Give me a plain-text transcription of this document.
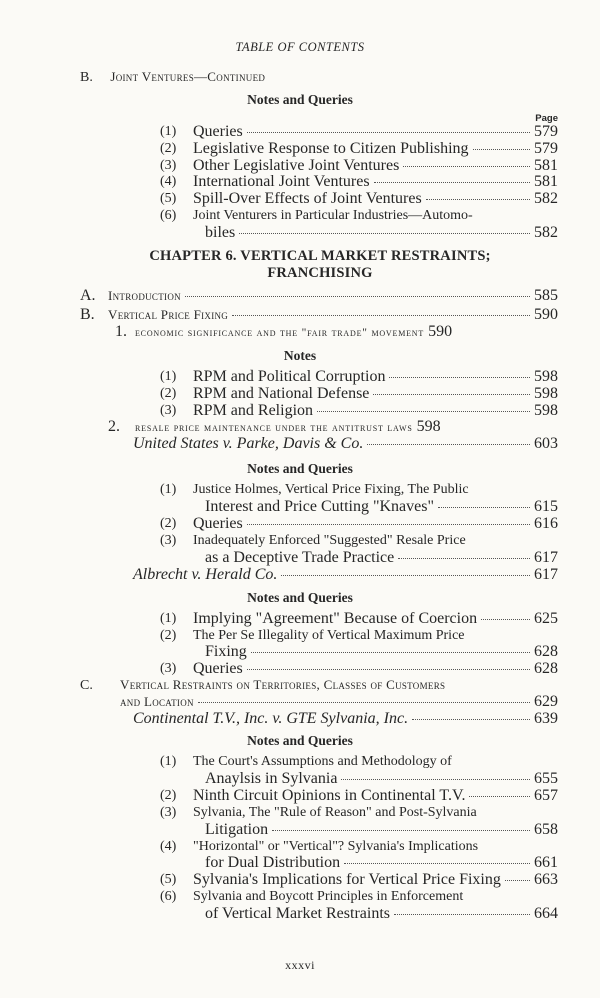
TABLE OF CONTENTS
B. Joint Ventures—Continued
Notes and Queries
Page
(1) Queries	579
(2) Legislative Response to Citizen Publishing	579
(3) Other Legislative Joint Ventures	581
(4) International Joint Ventures	581
(5) Spill-Over Effects of Joint Ventures	582
(6) Joint Venturers in Particular Industries—Automo-
biles	582
CHAPTER 6. VERTICAL MARKET RESTRAINTS;
FRANCHISING
A. Introduction	585
B.	Vertical Price Fixing	590
1. economic significance and the "fair trade" movement 590
Notes
(1) RPM and Political Corruption	598
(2) RPM and National Defense	598
(3) RPM and Religion	598
2.	resale price maintenance under the antitrust laws 598
United States v. Parke, Davis & Co.	603
Notes and Queries
(1) Justice Holmes, Vertical Price Fixing, The Public
Interest and Price Cutting "Knaves"	615
(2) Queries	616
(3) Inadequately Enforced "Suggested" Resale Price
as a Deceptive Trade Practice	617
Albrecht v. Herald Co.	617
Notes and Queries
(1) Implying "Agreement" Because of Coercion	625
(2) The Per Se Illegality of Vertical Maximum Price
Fixing	628
(3) Queries	628
C. Vertical Restraints on Territories, Classes of Customers
and Location	629
Continental T.V., Inc. v. GTE Sylvania, Inc.	639
Notes and Queries
(1) The Court's Assumptions and Methodology of
Anaylsis in Sylvania	655
(2) Ninth Circuit Opinions in Continental T.V.	657
(3) Sylvania, The "Rule of Reason" and Post-Sylvania
Litigation	658
(4) "Horizontal" or "Vertical"? Sylvania's Implications
for Dual Distribution	661
(5) Sylvania's Implications for Vertical Price Fixing 663
(6) Sylvania and Boycott Principles in Enforcement
of Vertical Market Restraints	664
xxxvi
